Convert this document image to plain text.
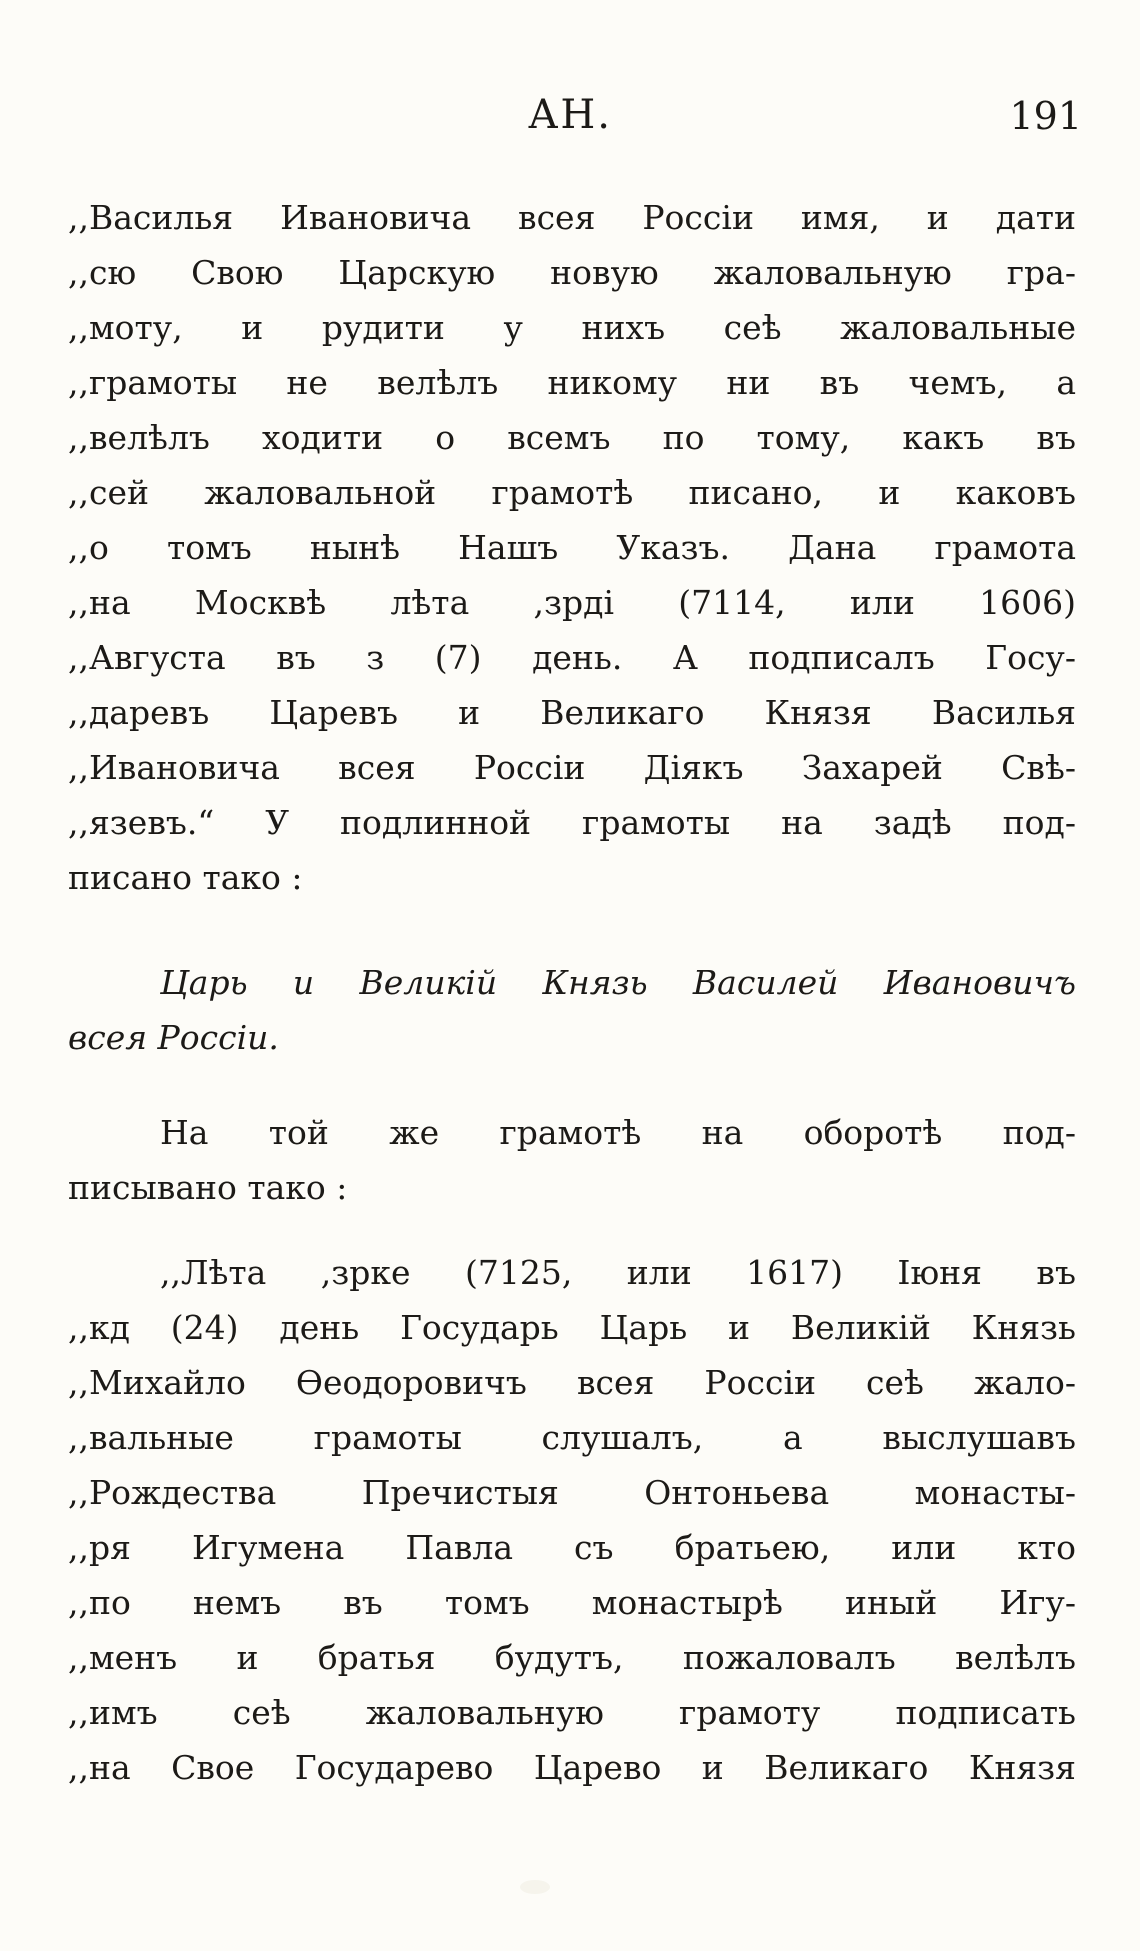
АН.	191
,,Василья Ивановича всея Россіи имя, и дати
,,сю Свою Царскую новую жаловальную гра-
,,моту, и рудити у нихъ сеѣ жаловальные
,,грамоты не велѣлъ никому ни въ чемъ, а
,,велѣлъ ходити о всемъ по тому, какъ въ
,,сей жаловальной грамотѣ писано, и каковъ
,,о томъ нынѣ Нашъ Указъ. Дана грамота
,,на Москвѣ лѣта ,зрді (7114, или 1606)
,,Августа въ з (7) день. А подписалъ Госу-
,,даревъ Царевъ и Великаго Князя Василья
,,Ивановича всея Россіи Діякъ Захарей Свѣ-
,,язевъ.“ У подлинной грамоты на задѣ под-
писано тако :
Царь и Великій Князь Василей Ивановичъ
всея Россіи.
На той же грамотѣ на оборотѣ под-
писывано тако :
,,Лѣта ,зрке (7125, или 1617) Іюня въ
,,кд (24) день Государь Царь и Великій Князь
,,Михайло Ѳеодоровичъ всея Россіи сеѣ жало-
,,вальные грамоты слушалъ, а выслушавъ
,,Рождества Пречистыя Онтоньева монасты-
,,ря Игумена Павла съ братьею, или кто
,,по немъ въ томъ монастырѣ иный Игу-
,,менъ и братья будутъ, пожаловалъ велѣлъ
,,имъ сеѣ жаловальную грамоту подписать
,,на Свое Государево Царево и Великаго Князя
